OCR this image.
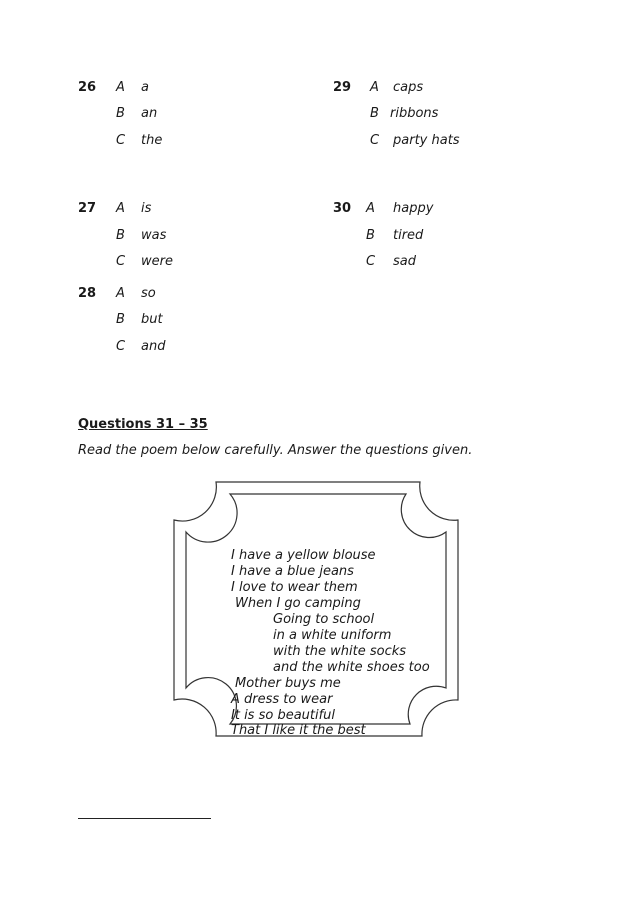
26 A a
B an
C the
27 A is
B was
C were
28 A so
B but
C and
29 A caps
B ribbons
C party hats
30 A happy
B tired
C sad
Questions 31 – 35
Read the poem below carefully. Answer the questions given.
I have a yellow blouse
I have a blue jeans
I love to wear them
When I go camping
Going to school
in a white uniform
with the white socks
and the white shoes too
Mother buys me
A dress to wear
It is so beautiful
That I like it the best
